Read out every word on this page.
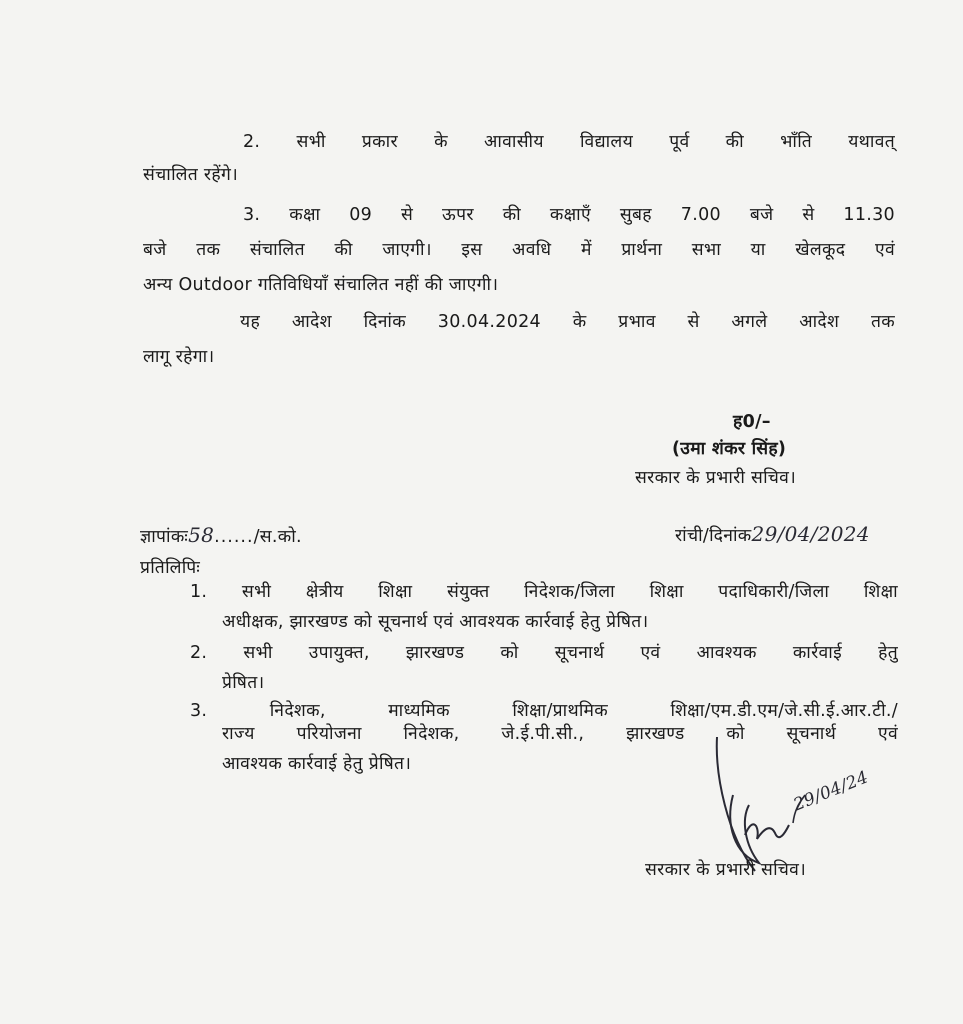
2. सभी प्रकार के आवासीय विद्यालय पूर्व की भाँति यथावत्
संचालित रहेंगे।
3. कक्षा 09 से ऊपर की कक्षाएँ सुबह 7.00 बजे से 11.30
बजे तक संचालित की जाएगी। इस अवधि में प्रार्थना सभा या खेलकूद एवं
अन्य Outdoor गतिविधियाँ संचालित नहीं की जाएगी।
यह आदेश दिनांक 30.04.2024 के प्रभाव से अगले आदेश तक
लागू रहेगा।
ह0/–
(उमा शंकर सिंह)
सरकार के प्रभारी सचिव।
ज्ञापांकः58....../स.को.	रांची/दिनांक29/04/2024
प्रतिलिपिः
1. सभी क्षेत्रीय शिक्षा संयुक्त निदेशक/जिला शिक्षा पदाधिकारी/जिला शिक्षा
अधीक्षक, झारखण्ड को सूचनार्थ एवं आवश्यक कार्रवाई हेतु प्रेषित।
2. सभी उपायुक्त, झारखण्ड को सूचनार्थ एवं आवश्यक कार्रवाई हेतु
प्रेषित।
3. निदेशक, माध्यमिक शिक्षा/प्राथमिक शिक्षा/एम.डी.एम/जे.सी.ई.आर.टी./
राज्य परियोजना निदेशक, जे.ई.पी.सी., झारखण्ड को सूचनार्थ एवं
आवश्यक कार्रवाई हेतु प्रेषित।
29/04/24
सरकार के प्रभारी सचिव।
